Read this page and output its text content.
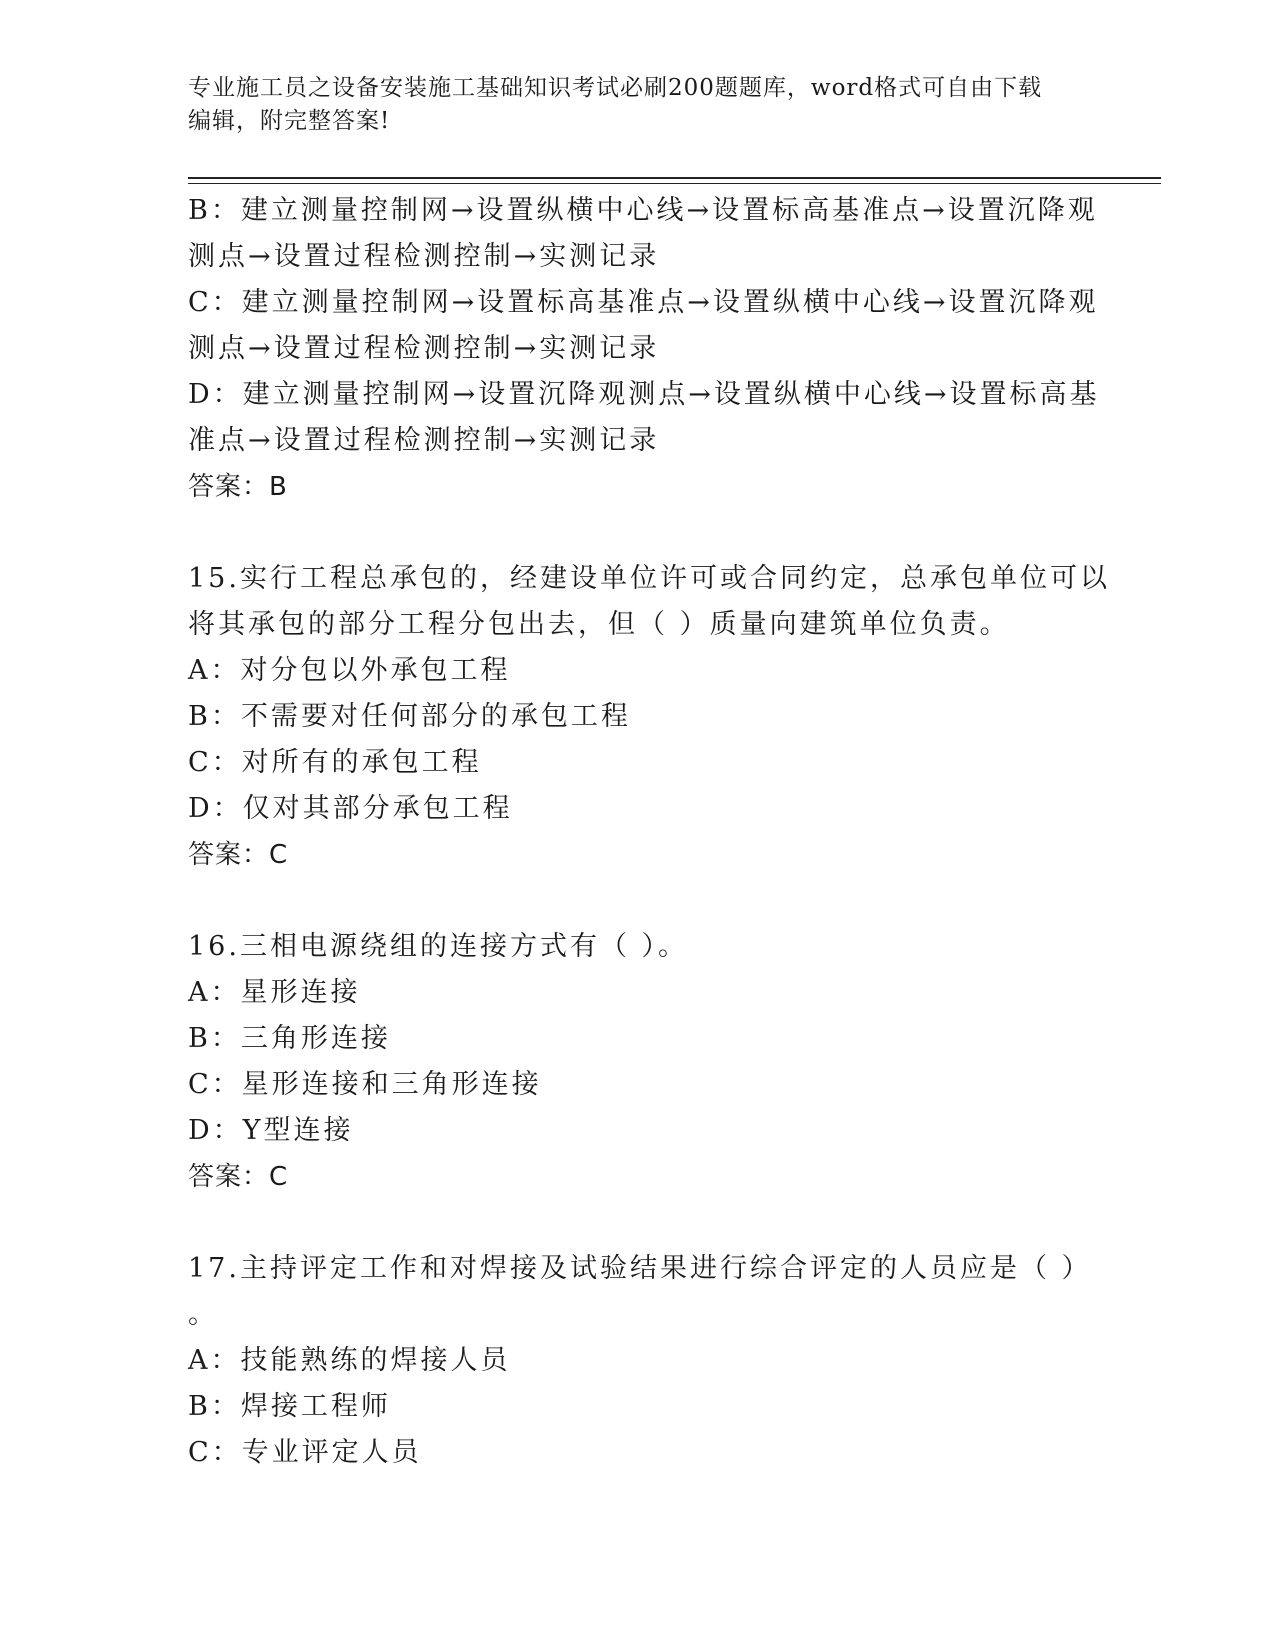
专业施工员之设备安装施工基础知识考试必刷200题题库，word格式可自由下载
编辑，附完整答案!
B：建立测量控制网→设置纵横中心线→设置标高基准点→设置沉降观
测点→设置过程检测控制→实测记录
C：建立测量控制网→设置标高基准点→设置纵横中心线→设置沉降观
测点→设置过程检测控制→实测记录
D：建立测量控制网→设置沉降观测点→设置纵横中心线→设置标高基
准点→设置过程检测控制→实测记录
答案：B
15.实行工程总承包的，经建设单位许可或合同约定，总承包单位可以
将其承包的部分工程分包出去，但（ ）质量向建筑单位负责。
A：对分包以外承包工程
B：不需要对任何部分的承包工程
C：对所有的承包工程
D：仅对其部分承包工程
答案：C
16.三相电源绕组的连接方式有（ ）。
A：星形连接
B：三角形连接
C：星形连接和三角形连接
D：Y型连接
答案：C
17.主持评定工作和对焊接及试验结果进行综合评定的人员应是（ ）
。
A：技能熟练的焊接人员
B：焊接工程师
C：专业评定人员
